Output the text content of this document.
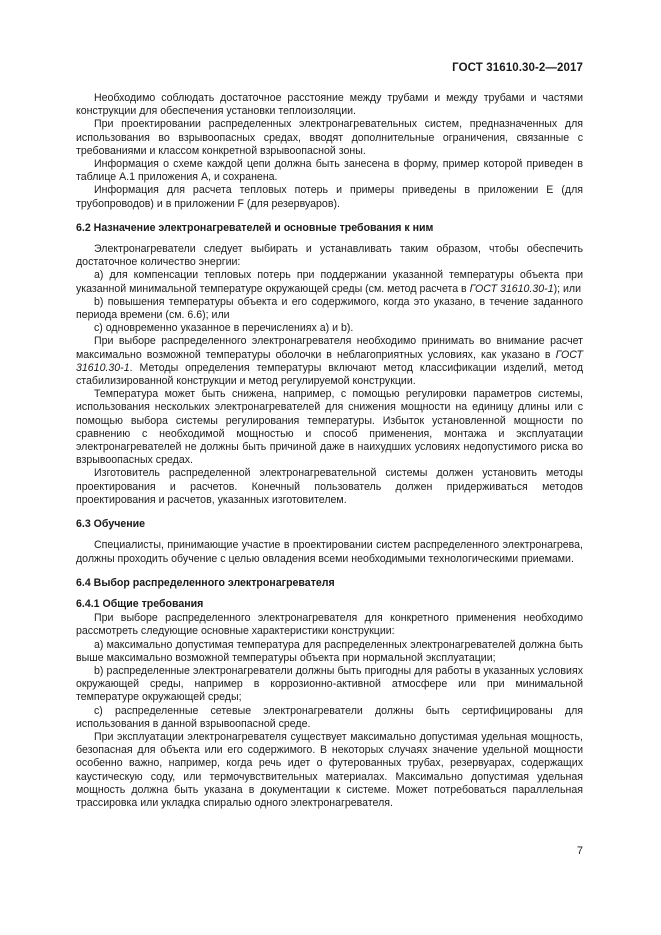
ГОСТ 31610.30-2—2017

Необходимо соблюдать достаточное расстояние между трубами и между трубами и частями конструкции для обеспечения установки теплоизоляции.

При проектировании распределенных электронагревательных систем, предназначенных для использования во взрывоопасных средах, вводят дополнительные ограничения, связанные с требованиями и классом конкретной взрывоопасной зоны.

Информация о схеме каждой цепи должна быть занесена в форму, пример которой приведен в таблице А.1 приложения А, и сохранена.

Информация для расчета тепловых потерь и примеры приведены в приложении Е (для трубопроводов) и в приложении F (для резервуаров).

6.2 Назначение электронагревателей и основные требования к ним

Электронагреватели следует выбирать и устанавливать таким образом, чтобы обеспечить достаточное количество энергии:

а) для компенсации тепловых потерь при поддержании указанной температуры объекта при указанной минимальной температуре окружающей среды (см. метод расчета в ГОСТ 31610.30-1); или

b) повышения температуры объекта и его содержимого, когда это указано, в течение заданного периода времени (см. 6.6); или

с) одновременно указанное в перечислениях а) и b).

При выборе распределенного электронагревателя необходимо принимать во внимание расчет максимально возможной температуры оболочки в неблагоприятных условиях, как указано в ГОСТ 31610.30-1. Методы определения температуры включают метод классификации изделий, метод стабилизированной конструкции и метод регулируемой конструкции.

Температура может быть снижена, например, с помощью регулировки параметров системы, использования нескольких электронагревателей для снижения мощности на единицу длины или с помощью выбора системы регулирования температуры. Избыток установленной мощности по сравнению с необходимой мощностью и способ применения, монтажа и эксплуатации электронагревателей не должны быть причиной даже в наихудших условиях недопустимого риска во взрывоопасных средах.

Изготовитель распределенной электронагревательной системы должен установить методы проектирования и расчетов. Конечный пользователь должен придерживаться методов проектирования и расчетов, указанных изготовителем.

6.3 Обучение

Специалисты, принимающие участие в проектировании систем распределенного электронагрева, должны проходить обучение с целью овладения всеми необходимыми технологическими приемами.

6.4 Выбор распределенного электронагревателя
6.4.1 Общие требования

При выборе распределенного электронагревателя для конкретного применения необходимо рассмотреть следующие основные характеристики конструкции:

а) максимально допустимая температура для распределенных электронагревателей должна быть выше максимально возможной температуры объекта при нормальной эксплуатации;

b) распределенные электронагреватели должны быть пригодны для работы в указанных условиях окружающей среды, например в коррозионно-активной атмосфере или при минимальной температуре окружающей среды;

с) распределенные сетевые электронагреватели должны быть сертифицированы для использования в данной взрывоопасной среде.

При эксплуатации электронагревателя существует максимально допустимая удельная мощность, безопасная для объекта или его содержимого. В некоторых случаях значение удельной мощности особенно важно, например, когда речь идет о футерованных трубах, резервуарах, содержащих каустическую соду, или термочувствительных материалах. Максимально допустимая удельная мощность должна быть указана в документации к системе. Может потребоваться параллельная трассировка или укладка спиралью одного электронагревателя.

7
